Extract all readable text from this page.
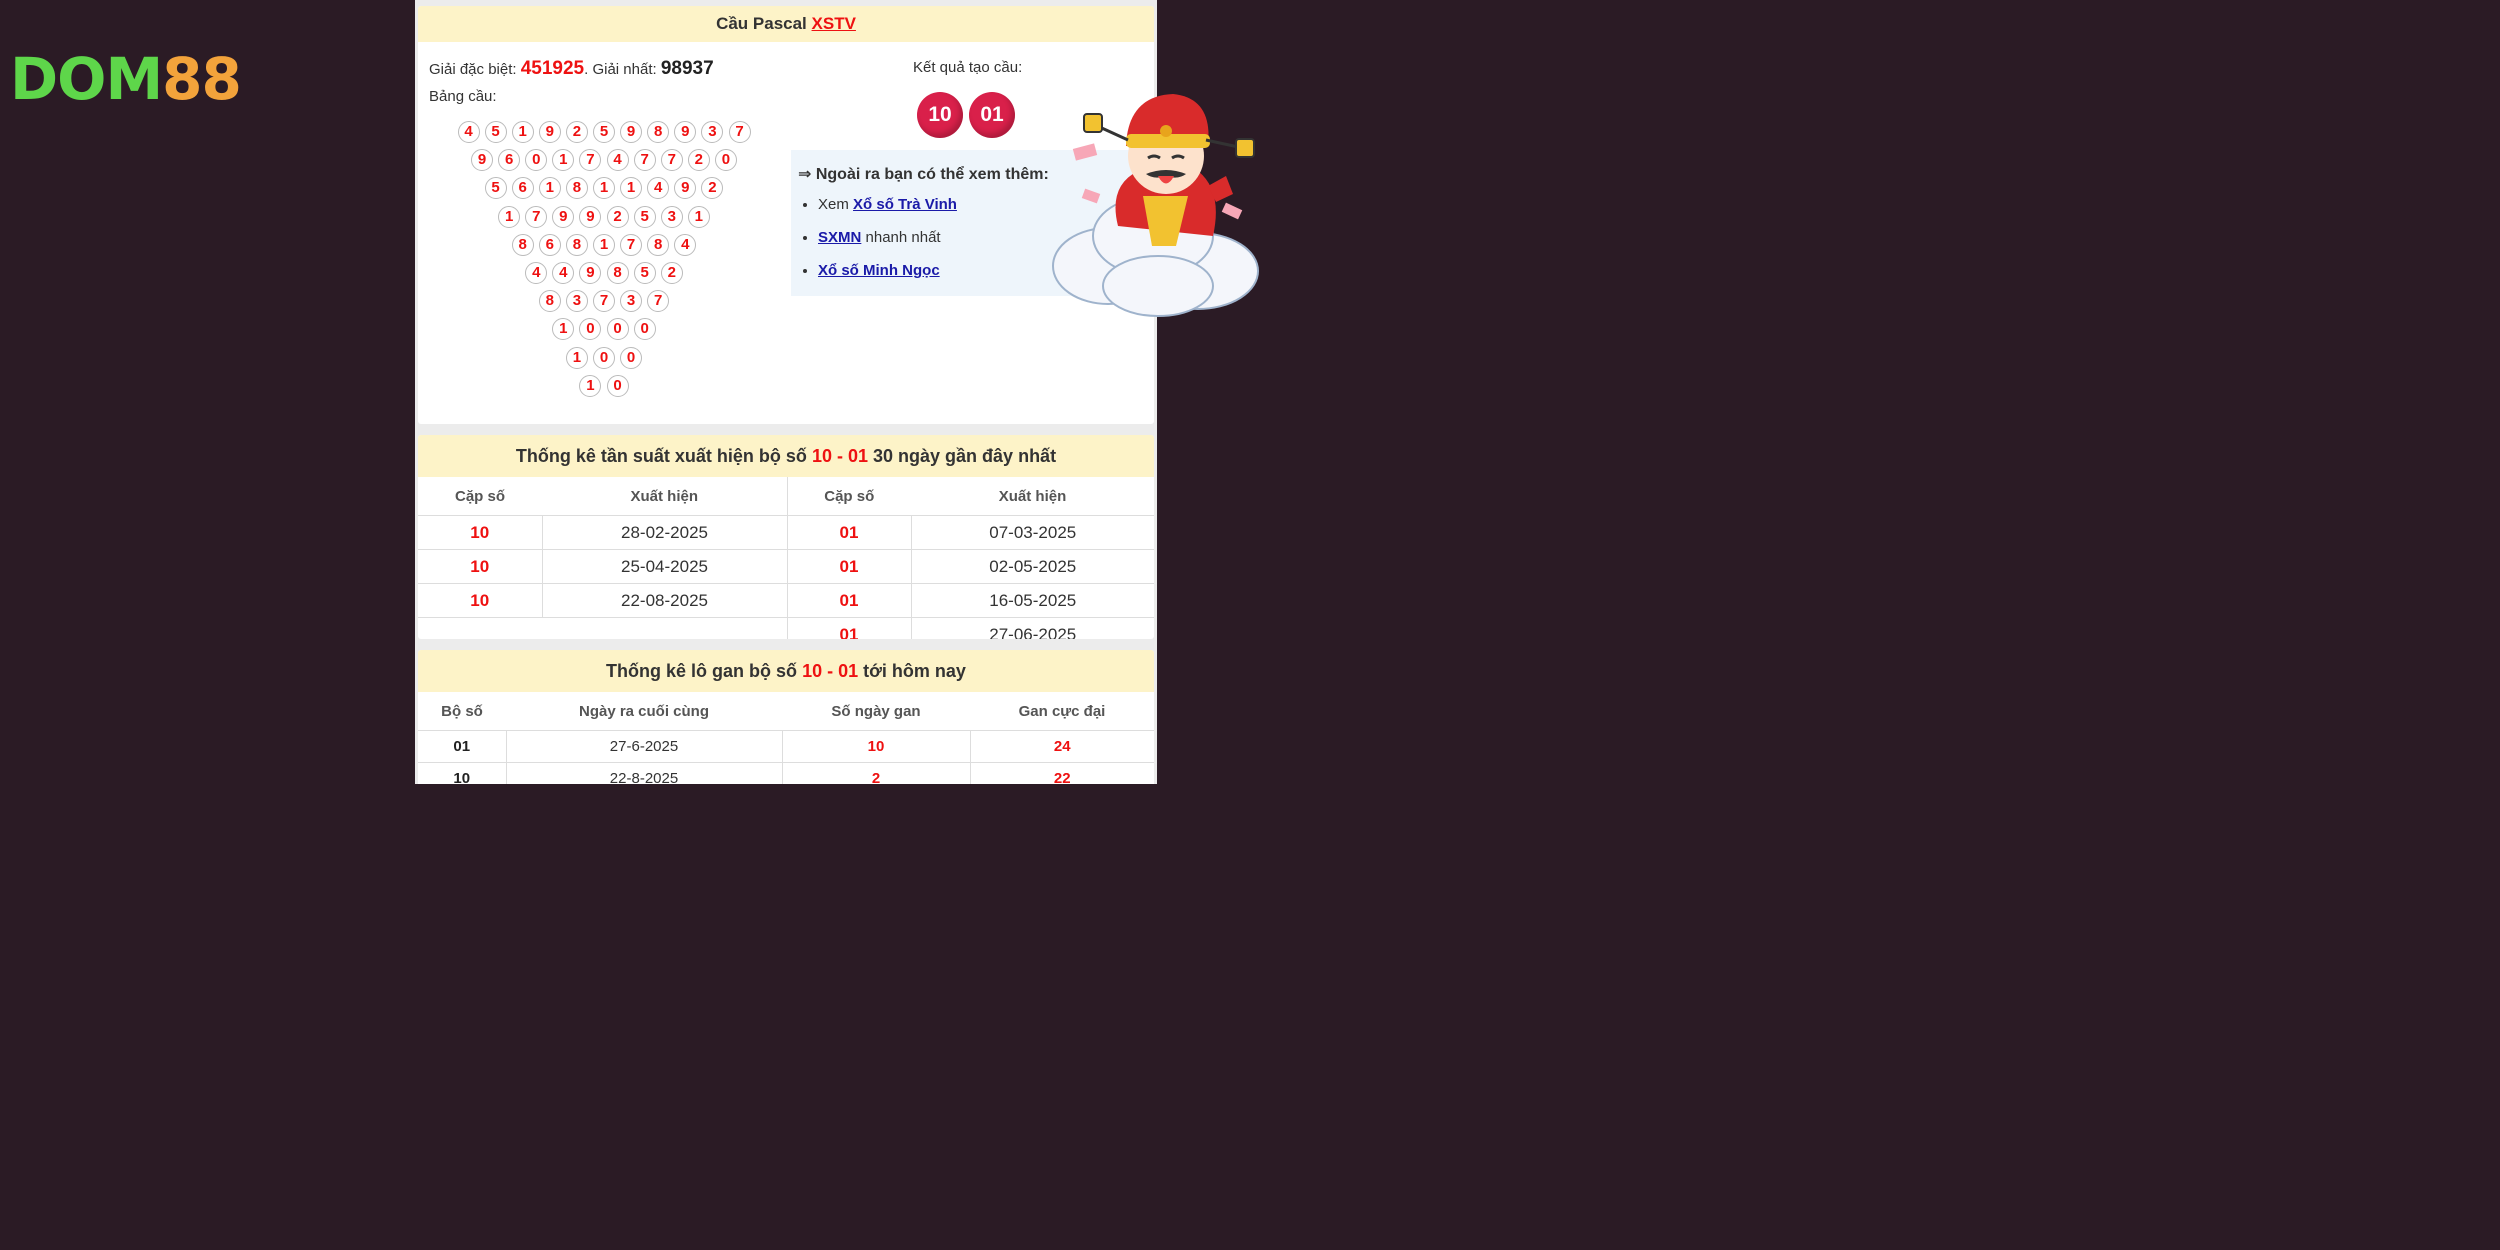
DOM88
Cầu Pascal XSTV
Giải đặc biệt: 451925. Giải nhất: 98937
Bảng cầu:
4	5	1	9	2	5	9	8	9	3	7
9	6	0	1	7	4	7	7	2	0
5	6	1	8	1	1	4	9	2
1	7	9	9	2	5	3	1
8	6	8	1	7	8	4
4	4	9	8	5	2
8	3	7	3	7
1	0	0	0
1	0	0
1	0
Kết quả tạo cầu:
10	01
⇒ Ngoài ra bạn có thể xem thêm:
• Xem Xổ số Trà Vinh
• SXMN nhanh nhất
• Xổ số Minh Ngọc
Thống kê tần suất xuất hiện bộ số 10 - 01 30 ngày gần đây nhất
Cặp số	Xuất hiện	Cặp số	Xuất hiện
10	28-02-2025	01	07-03-2025
10	25-04-2025	01	02-05-2025
10	22-08-2025	01	16-05-2025
		01	27-06-2025
Thống kê lô gan bộ số 10 - 01 tới hôm nay
Bộ số	Ngày ra cuối cùng	Số ngày gan	Gan cực đại
01	27-6-2025	10	24
10	22-8-2025	2	22
